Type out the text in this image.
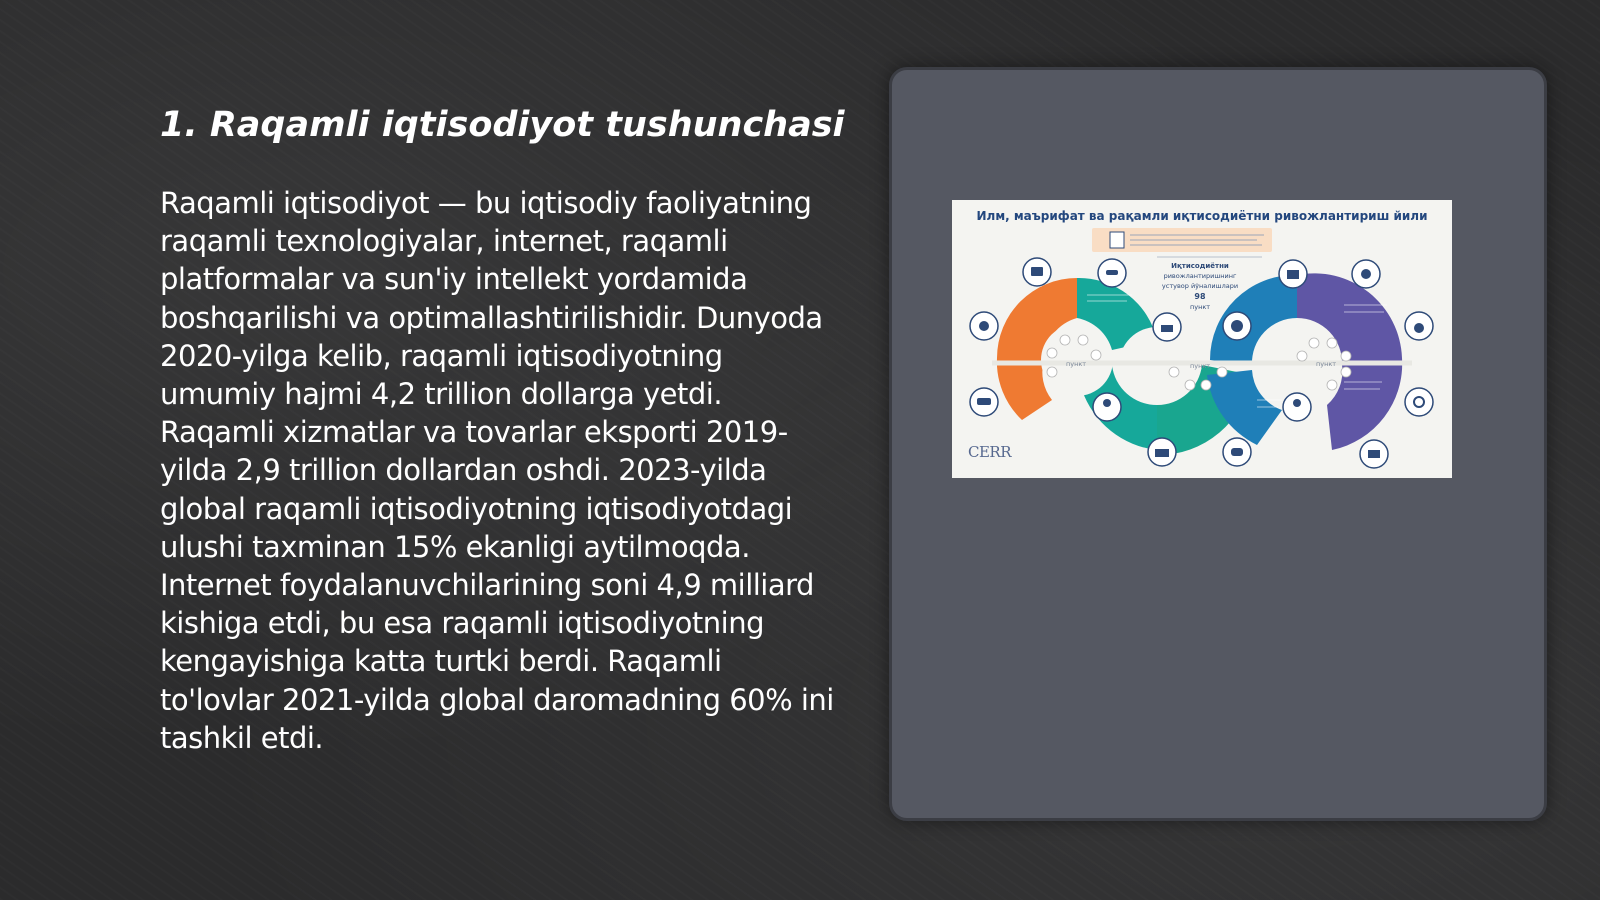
1. Raqamli iqtisodiyot tushunchasi

Raqamli iqtisodiyot — bu iqtisodiy faoliyatning raqamli texnologiyalar, internet, raqamli platformalar va sun'iy intellekt yordamida boshqarilishi va optimallashtirilishidir. Dunyoda 2020-yilga kelib, raqamli iqtisodiyotning umumiy hajmi 4,2 trillion dollarga yetdi. Raqamli xizmatlar va tovarlar eksporti 2019-yilda 2,9 trillion dollardan oshdi. 2023-yilda global raqamli iqtisodiyotning iqtisodiyotdagi ulushi taxminan 15% ekanligi aytilmoqda. Internet foydalanuvchilarining soni 4,9 milliard kishiga etdi, bu esa raqamli iqtisodiyotning kengayishiga katta turtki berdi. Raqamli to'lovlar 2021-yilda global daromadning 60% ini tashkil etdi.

Иқтисодиётни
ривожлантиришнинг
устувор йўналишлари
98
пункт
пункт	пункт	пункт
Илм, маърифат ва рақамли иқтисодиётни ривожлантириш йили
CERR
